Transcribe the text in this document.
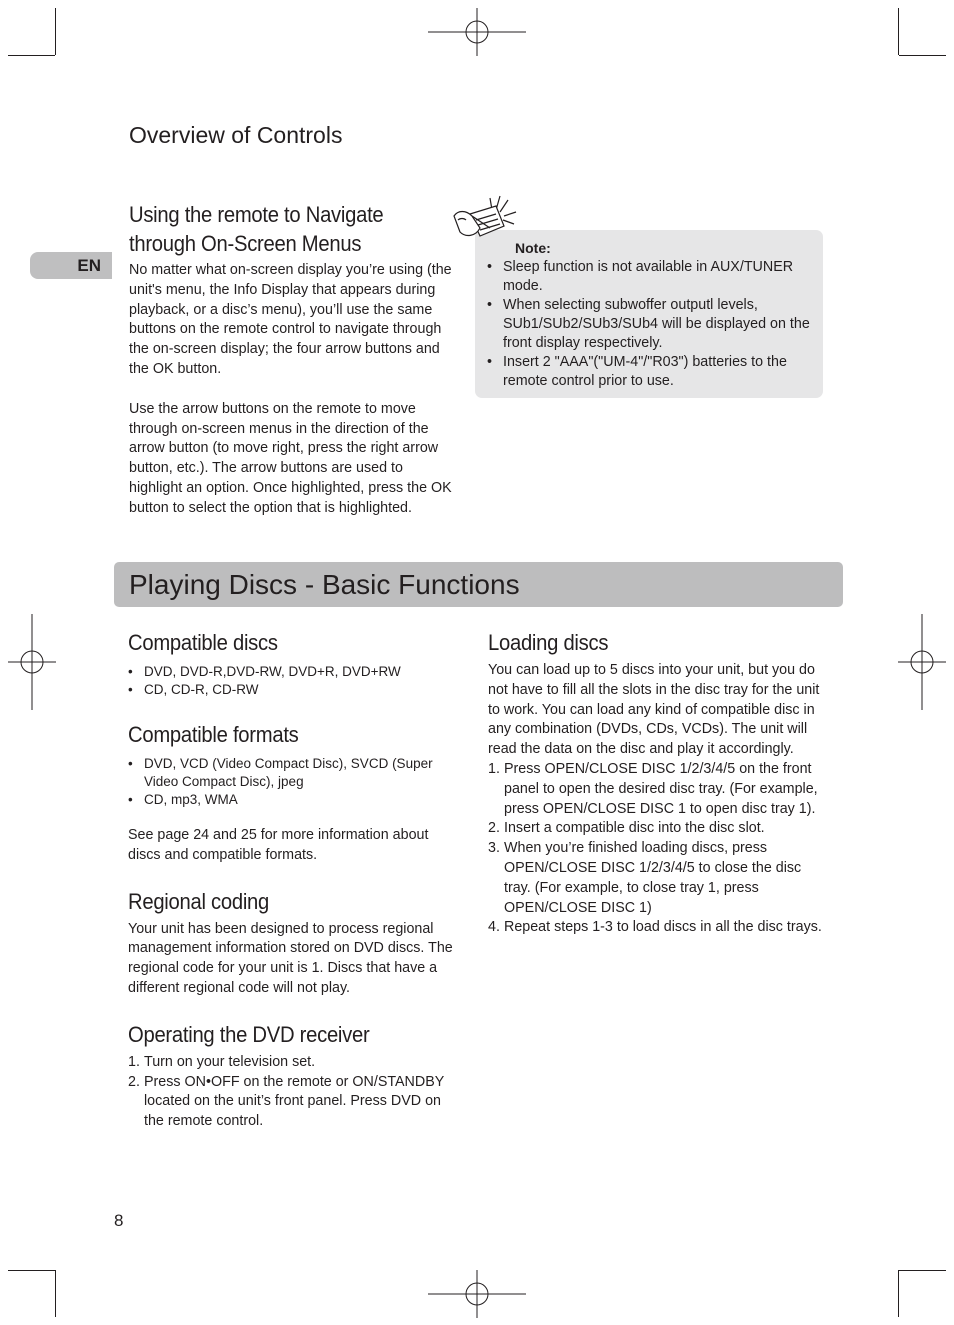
Overview of Controls
EN
Using the remote to Navigate
through On-Screen Menus
No matter what on-screen display you’re using (the unit's menu, the Info Display that appears during playback, or a disc’s menu), you’ll use the same buttons on the remote control to navigate through the on-screen display; the four arrow buttons and the OK button.
Use the arrow buttons on the remote to move through on-screen menus in the direction of the arrow button (to move right, press the right arrow button, etc.). The arrow buttons are used to highlight an option. Once highlighted, press the OK button to select the option that is highlighted.
Note:
• Sleep function is not available in AUX/TUNER mode.
• When selecting subwoffer outputl levels, SUb1/SUb2/SUb3/SUb4 will be displayed on the front display respectively.
• Insert 2 "AAA"("UM-4"/"R03") batteries to the remote control prior to use.
Playing Discs - Basic Functions
Compatible discs
• DVD, DVD-R,DVD-RW, DVD+R, DVD+RW
• CD, CD-R, CD-RW
Compatible formats
• DVD, VCD (Video Compact Disc), SVCD (Super Video Compact Disc), jpeg
• CD, mp3, WMA
See page 24 and 25 for more information about discs and compatible formats.
Regional coding
Your unit has been designed to process regional management information stored on DVD discs. The regional code for your unit is 1. Discs that have a different regional code will not play.
Operating the DVD receiver
1. Turn on your television set.
2. Press ON•OFF on the remote or ON/STANDBY located on the unit’s front panel. Press DVD on the remote control.
Loading discs
You can load up to 5 discs into your unit, but you do not have to fill all the slots in the disc tray for the unit to work. You can load any kind of compatible disc in any combination (DVDs, CDs, VCDs). The unit will read the data on the disc and play it accordingly.
1. Press OPEN/CLOSE DISC 1/2/3/4/5 on the front panel to open the desired disc tray. (For example, press OPEN/CLOSE DISC 1 to open disc tray 1).
2. Insert a compatible disc into the disc slot.
3. When you’re finished loading discs, press OPEN/CLOSE DISC 1/2/3/4/5 to close the disc tray. (For example, to close tray 1, press OPEN/CLOSE DISC 1)
4. Repeat steps 1-3 to load discs in all the disc trays.
8
